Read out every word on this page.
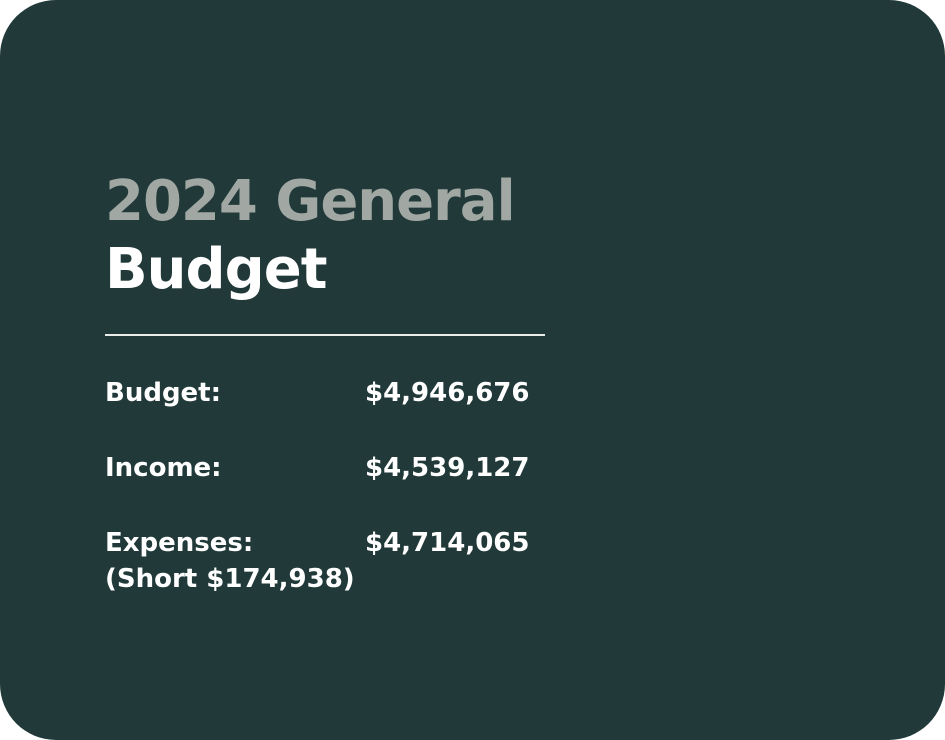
2024 General
Budget
Budget:	$4,946,676
Income:	$4,539,127
Expenses:	$4,714,065
(Short $174,938)
